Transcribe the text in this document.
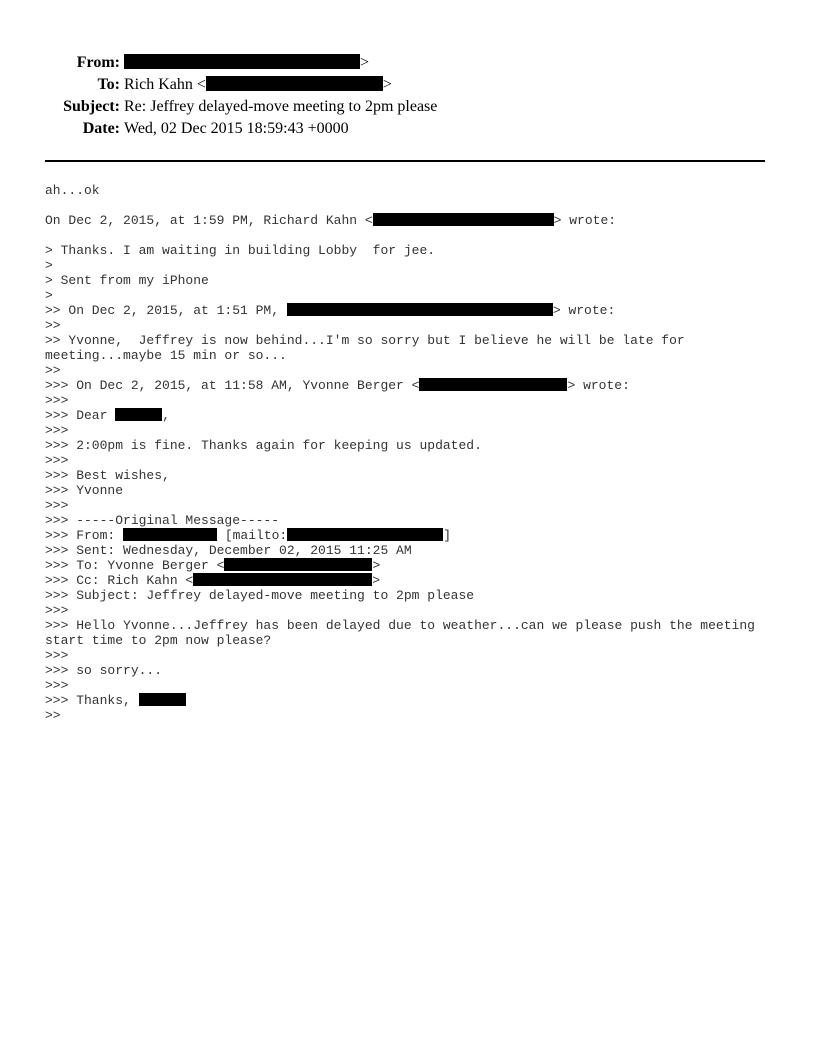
From:	>
To: Rich Kahn <	>
Subject: Re: Jeffrey delayed-move meeting to 2pm please
Date: Wed, 02 Dec 2015 18:59:43 +0000
ah...ok
On Dec 2, 2015, at 1:59 PM, Richard Kahn <	> wrote:
> Thanks. I am waiting in building Lobby  for jee.
>
> Sent from my iPhone
>
>> On Dec 2, 2015, at 1:51 PM,	> wrote:
>>
>> Yvonne,  Jeffrey is now behind...I'm so sorry but I believe he will be late for
meeting...maybe 15 min or so...
>>
>>> On Dec 2, 2015, at 11:58 AM, Yvonne Berger <	> wrote:
>>>
>>> Dear	,
>>>
>>> 2:00pm is fine. Thanks again for keeping us updated.
>>>
>>> Best wishes,
>>> Yvonne
>>>
>>> -----Original Message-----
>>> From:	[mailto:	]
>>> Sent: Wednesday, December 02, 2015 11:25 AM
>>> To: Yvonne Berger <	>
>>> Cc: Rich Kahn <	>
>>> Subject: Jeffrey delayed-move meeting to 2pm please
>>>
>>> Hello Yvonne...Jeffrey has been delayed due to weather...can we please push the meeting
start time to 2pm now please?
>>>
>>> so sorry...
>>>
>>> Thanks,
>>
